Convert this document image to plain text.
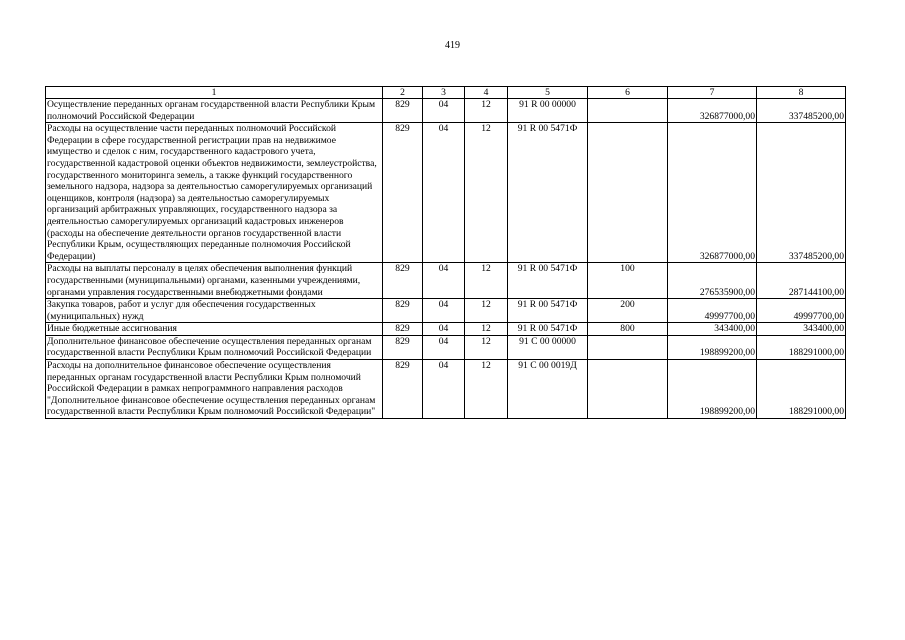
419
1	2	3	4	5	6	7	8
Осуществление переданных органам государственной власти Республики Крым полномочий Российской Федерации	829	04	12	91 R 00 00000		326877000,00	337485200,00
Расходы на осуществление части переданных полномочий Российской Федерации в сфере государственной регистрации прав на недвижимое имущество и сделок с ним, государственного кадастрового учета, государственной кадастровой оценки объектов недвижимости, землеустройства, государственного мониторинга земель, а также функций государственного земельного надзора, надзора за деятельностью саморегулируемых организаций оценщиков, контроля (надзора) за деятельностью саморегулируемых организаций арбитражных управляющих, государственного надзора за деятельностью саморегулируемых организаций кадастровых инженеров (расходы на обеспечение деятельности органов государственной власти Республики Крым, осуществляющих переданные полномочия Российской Федерации)	829	04	12	91 R 00 5471Ф		326877000,00	337485200,00
Расходы на выплаты персоналу в целях обеспечения выполнения функций государственными (муниципальными) органами, казенными учреждениями, органами управления государственными внебюджетными фондами	829	04	12	91 R 00 5471Ф	100	276535900,00	287144100,00
Закупка товаров, работ и услуг для обеспечения государственных (муниципальных) нужд	829	04	12	91 R 00 5471Ф	200	49997700,00	49997700,00
Иные бюджетные ассигнования	829	04	12	91 R 00 5471Ф	800	343400,00	343400,00
Дополнительное финансовое обеспечение осуществления переданных органам государственной власти Республики Крым полномочий Российской Федерации	829	04	12	91 C 00 00000		198899200,00	188291000,00
Расходы на дополнительное финансовое обеспечение осуществления переданных органам государственной власти Республики Крым полномочий Российской Федерации в рамках непрограммного направления расходов "Дополнительное финансовое обеспечение осуществления переданных органам государственной власти Республики Крым полномочий Российской Федерации"	829	04	12	91 C 00 0019Д		198899200,00	188291000,00
